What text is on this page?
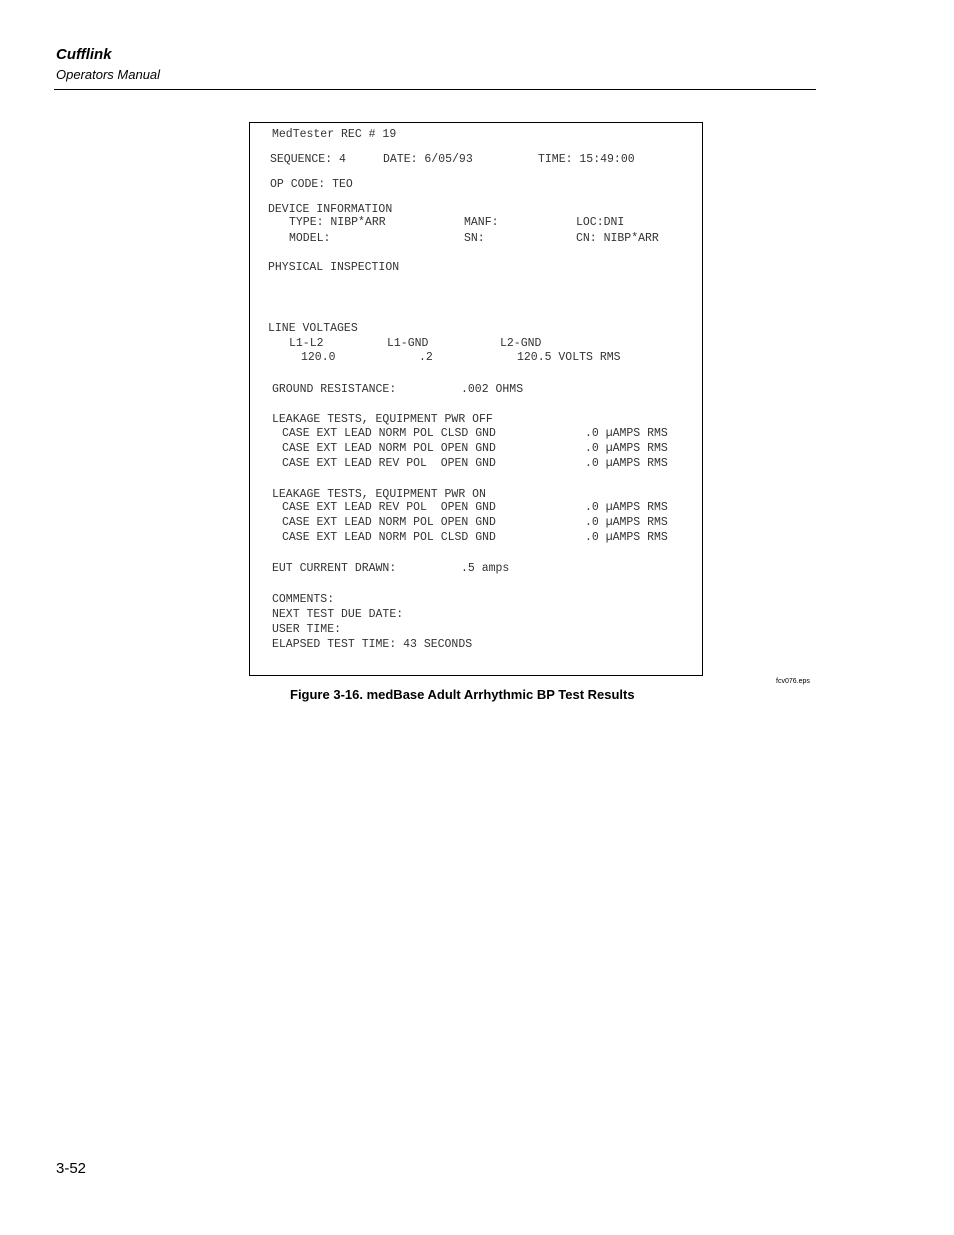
Cufflink
Operators Manual
MedTester REC # 19
SEQUENCE: 4	DATE: 6/05/93	TIME: 15:49:00
OP CODE: TEO
DEVICE INFORMATION
TYPE: NIBP*ARR	MANF:	LOC:DNI
MODEL:	SN:	CN: NIBP*ARR
PHYSICAL INSPECTION
LINE VOLTAGES
L1-L2	L1-GND	L2-GND
120.0	.2	120.5 VOLTS RMS
GROUND RESISTANCE:	.002 OHMS
LEAKAGE TESTS, EQUIPMENT PWR OFF
CASE EXT LEAD NORM POL CLSD GND	.0 µAMPS RMS
CASE EXT LEAD NORM POL OPEN GND	.0 µAMPS RMS
CASE EXT LEAD REV POL  OPEN GND	.0 µAMPS RMS
LEAKAGE TESTS, EQUIPMENT PWR ON
CASE EXT LEAD REV POL  OPEN GND	.0 µAMPS RMS
CASE EXT LEAD NORM POL OPEN GND	.0 µAMPS RMS
CASE EXT LEAD NORM POL CLSD GND	.0 µAMPS RMS
EUT CURRENT DRAWN:	.5 amps
COMMENTS:
NEXT TEST DUE DATE:
USER TIME:
ELAPSED TEST TIME: 43 SECONDS
fcv076.eps
Figure 3-16. medBase Adult Arrhythmic BP Test Results
3-52
